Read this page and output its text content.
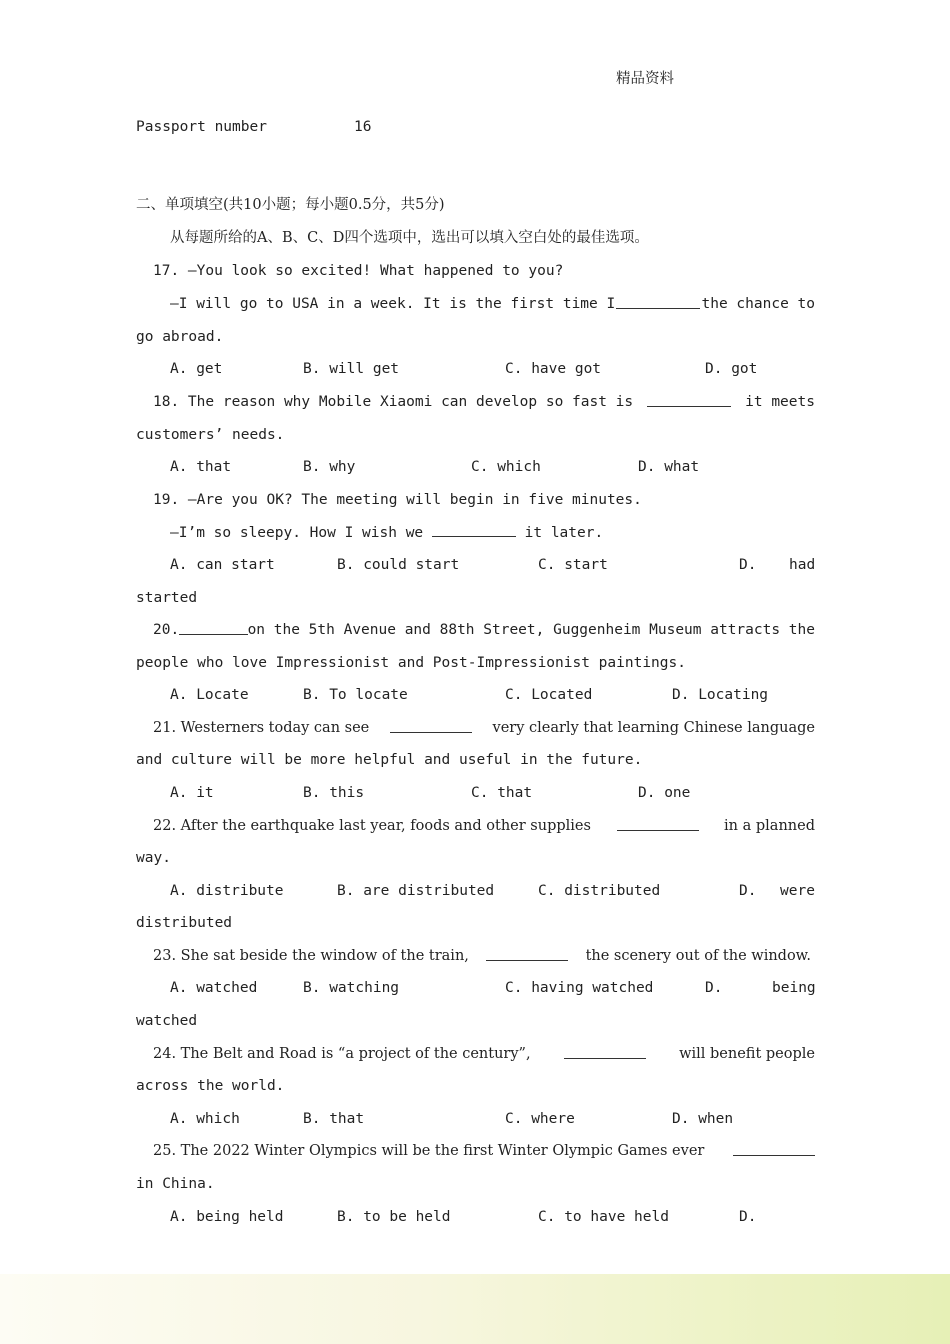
精品资料
Passport number	16
二、单项填空(共10小题；每小题0.5分，共5分)
从每题所给的A、B、C、D四个选项中，选出可以填入空白处的最佳选项。
17. —You look so excited! What happened to you?
—I will go to USA in a week. It is the first time I	the chance to
go abroad.
A. get	B. will get	C. have got	D. got
18. The reason why Mobile Xiaomi can develop so fast is	it meets
customers’ needs.
A. that	B. why	C. which	D. what
19. —Are you OK? The meeting will begin in five minutes.
—I’m so sleepy. How I wish we	it later.
A. can start	B. could start	C. start	D. had
started
20.	on the 5th Avenue and 88th Street, Guggenheim Museum attracts the
people who love Impressionist and Post-Impressionist paintings.
A. Locate	B. To locate	C. Located	D. Locating
21. Westerners today can see	very clearly that learning Chinese language
and culture will be more helpful and useful in the future.
A. it	B. this	C. that	D. one
22. After the earthquake last year, foods and other supplies	in a planned
way.
A. distribute	B. are distributed	C. distributed	D. were
distributed
23. She sat beside the window of the train,	the scenery out of the window.
A. watched	B. watching	C. having watched	D.	being
watched
24. The Belt and Road is “a project of the century”,	will benefit people
across the world.
A. which	B. that	C. where	D. when
25. The 2022 Winter Olympics will be the first Winter Olympic Games ever
in China.
A. being held	B. to be held	C. to have held	D.
